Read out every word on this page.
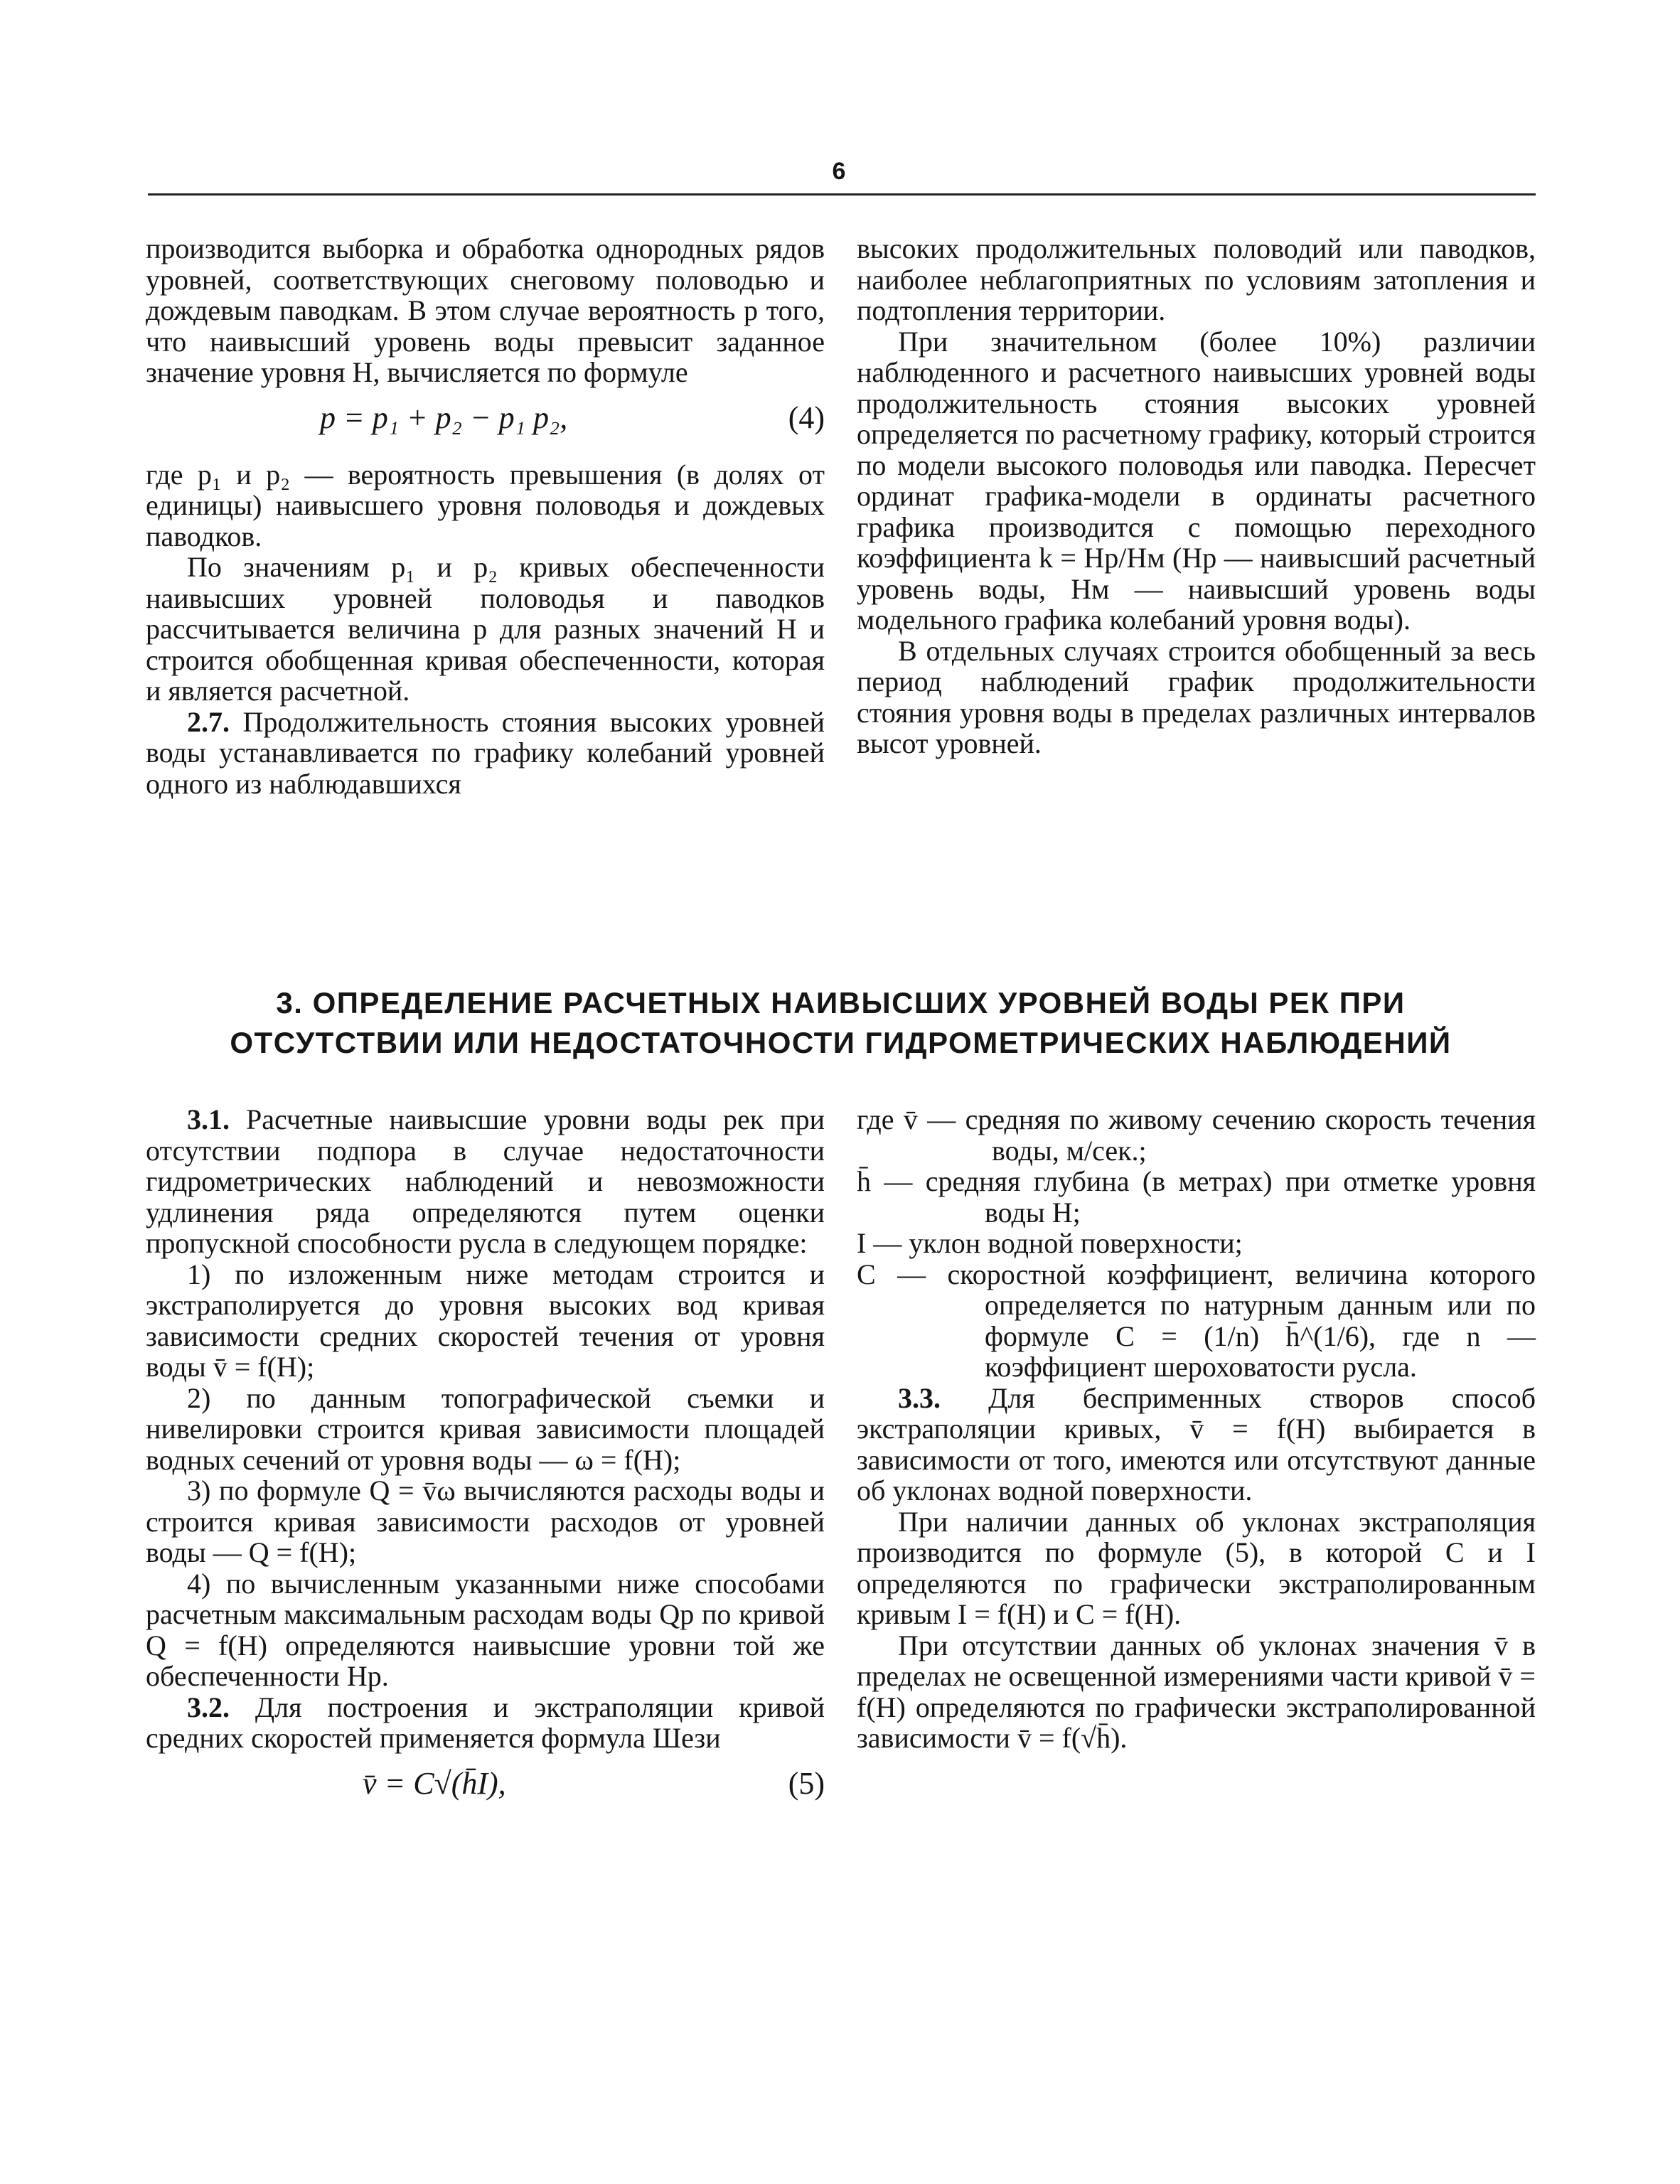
6

производится выборка и обработка однородных рядов уровней, соответствующих снеговому половодью и дождевым паводкам. В этом случае вероятность p того, что наивысший уровень воды превысит заданное значение уровня H, вычисляется по формуле

p = p₁ + p₂ − p₁ p₂,	(4)

где p₁ и p₂ — вероятность превышения (в долях от единицы) наивысшего уровня половодья и дождевых паводков.

По значениям p₁ и p₂ кривых обеспеченности наивысших уровней половодья и паводков рассчитывается величина p для разных значений H и строится обобщенная кривая обеспеченности, которая и является расчетной.

2.7. Продолжительность стояния высоких уровней воды устанавливается по графику колебаний уровней одного из наблюдавшихся

высоких продолжительных половодий или паводков, наиболее неблагоприятных по условиям затопления и подтопления территории.

При значительном (более 10%) различии наблюденного и расчетного наивысших уровней воды продолжительность стояния высоких уровней определяется по расчетному графику, который строится по модели высокого половодья или паводка. Пересчет ординат графика-модели в ординаты расчетного графика производится с помощью переходного коэффициента k = Hр/Hм (Hр — наивысший расчетный уровень воды, Hм — наивысший уровень воды модельного графика колебаний уровня воды).

В отдельных случаях строится обобщенный за весь период наблюдений график продолжительности стояния уровня воды в пределах различных интервалов высот уровней.

3. ОПРЕДЕЛЕНИЕ РАСЧЕТНЫХ НАИВЫСШИХ УРОВНЕЙ ВОДЫ РЕК ПРИ
ОТСУТСТВИИ ИЛИ НЕДОСТАТОЧНОСТИ ГИДРОМЕТРИЧЕСКИХ НАБЛЮДЕНИЙ

3.1. Расчетные наивысшие уровни воды рек при отсутствии подпора в случае недостаточности гидрометрических наблюдений и невозможности удлинения ряда определяются путем оценки пропускной способности русла в следующем порядке:

1) по изложенным ниже методам строится и экстраполируется до уровня высоких вод кривая зависимости средних скоростей течения от уровня воды v̄ = f(H);

2) по данным топографической съемки и нивелировки строится кривая зависимости площадей водных сечений от уровня воды — ω = f(H);

3) по формуле Q = v̄ω вычисляются расходы воды и строится кривая зависимости расходов от уровней воды — Q = f(H);

4) по вычисленным указанными ниже способами расчетным максимальным расходам воды Qр по кривой Q = f(H) определяются наивысшие уровни той же обеспеченности Hр.

3.2. Для построения и экстраполяции кривой средних скоростей применяется формула Шези

v̄ = C√(h̄I),	(5)
где v̄ — средняя по живому сечению скорость течения воды, м/сек.;
h̄ — средняя глубина (в метрах) при отметке уровня воды H;
I — уклон водной поверхности;
C — скоростной коэффициент, величина которого определяется по натурным данным или по формуле C = (1/n) h̄^(1/6), где n — коэффициент шероховатости русла.

3.3. Для бесприменных створов способ экстраполяции кривых, v̄ = f(H) выбирается в зависимости от того, имеются или отсутствуют данные об уклонах водной поверхности.

При наличии данных об уклонах экстраполяция производится по формуле (5), в которой C и I определяются по графически экстраполированным кривым I = f(H) и C = f(H).

При отсутствии данных об уклонах значения v̄ в пределах не освещенной измерениями части кривой v̄ = f(H) определяются по графически экстраполированной зависимости v̄ = f(√h̄).
